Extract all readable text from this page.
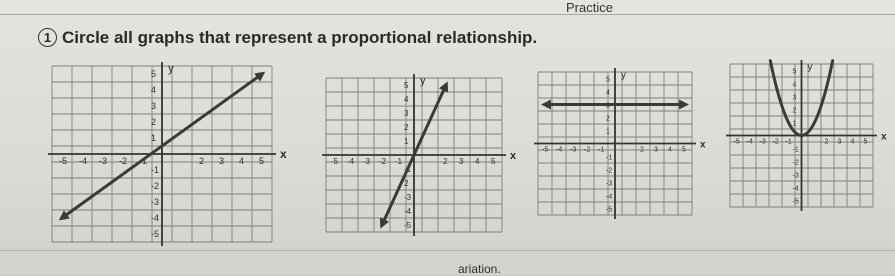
Practice
1 Circle all graphs that represent a proportional relationship.
x
y
-5 -4 -3 -2 -1	2 3 4 5
5
4
3
2
1
-1
-2
-3
-4
-5
x
y
-5 -4 -3 -2 -1	2 3 4 5
5
4
3
2
1
-1
2
-3
-4
-5
x
y
-5 -4 -3 -2 -1	2 3 4 5
5
4
3
2
1
-1
-2
-3
-4
-5
x
y
-5 -4 -3 -2 -1	2 3 4 5
5
4
3
2
1
-1
-2
-3
-4
-5
ariation.
